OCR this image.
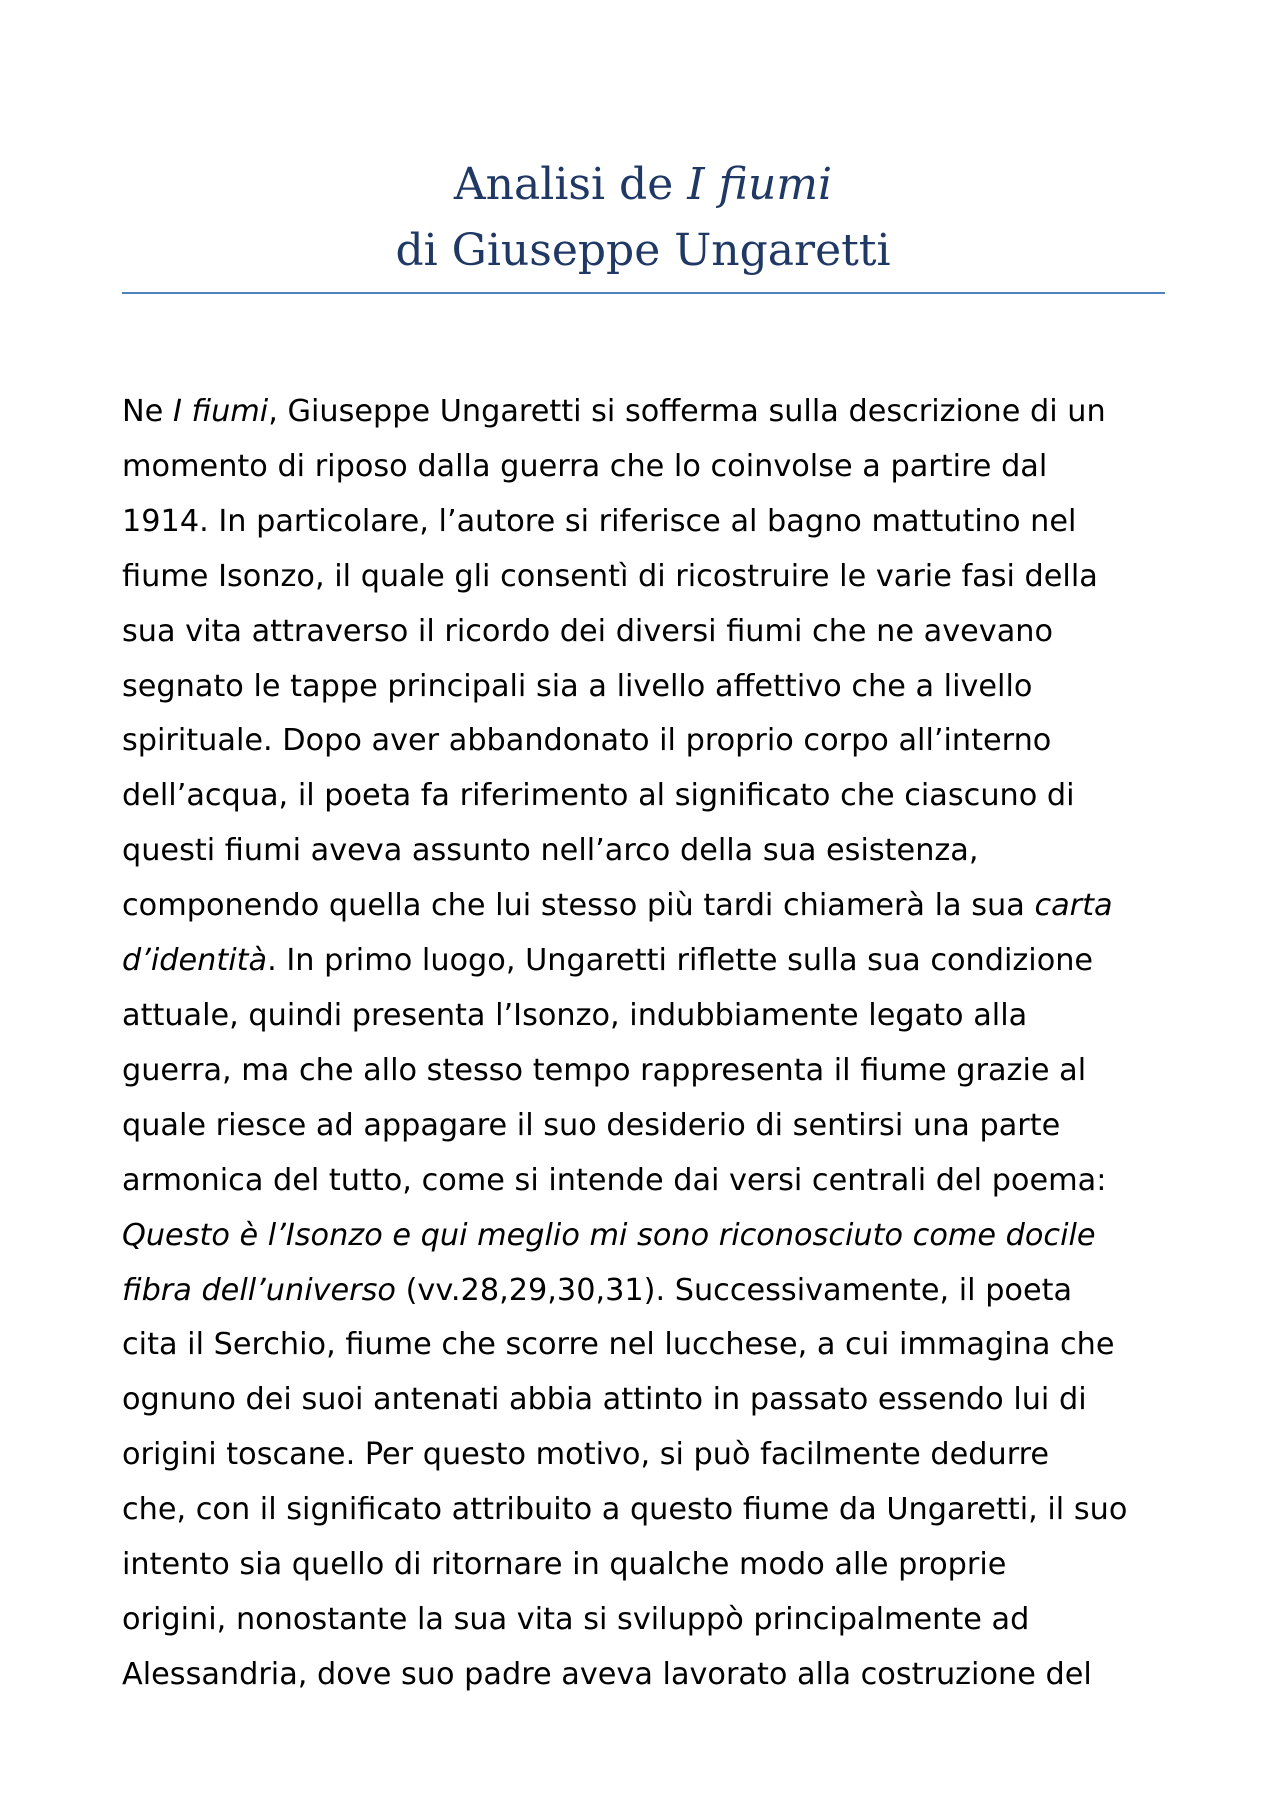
Analisi de I fiumi
di Giuseppe Ungaretti
Ne I fiumi, Giuseppe Ungaretti si sofferma sulla descrizione di un
momento di riposo dalla guerra che lo coinvolse a partire dal
1914. In particolare, l’autore si riferisce al bagno mattutino nel
fiume Isonzo, il quale gli consentì di ricostruire le varie fasi della
sua vita attraverso il ricordo dei diversi fiumi che ne avevano
segnato le tappe principali sia a livello affettivo che a livello
spirituale. Dopo aver abbandonato il proprio corpo all’interno
dell’acqua, il poeta fa riferimento al significato che ciascuno di
questi fiumi aveva assunto nell’arco della sua esistenza,
componendo quella che lui stesso più tardi chiamerà la sua carta
d’identità. In primo luogo, Ungaretti riflette sulla sua condizione
attuale, quindi presenta l’Isonzo, indubbiamente legato alla
guerra, ma che allo stesso tempo rappresenta il fiume grazie al
quale riesce ad appagare il suo desiderio di sentirsi una parte
armonica del tutto, come si intende dai versi centrali del poema:
Questo è l’Isonzo e qui meglio mi sono riconosciuto come docile
fibra dell’universo (vv.28,29,30,31). Successivamente, il poeta
cita il Serchio, fiume che scorre nel lucchese, a cui immagina che
ognuno dei suoi antenati abbia attinto in passato essendo lui di
origini toscane. Per questo motivo, si può facilmente dedurre
che, con il significato attribuito a questo fiume da Ungaretti, il suo
intento sia quello di ritornare in qualche modo alle proprie
origini, nonostante la sua vita si sviluppò principalmente ad
Alessandria, dove suo padre aveva lavorato alla costruzione del
